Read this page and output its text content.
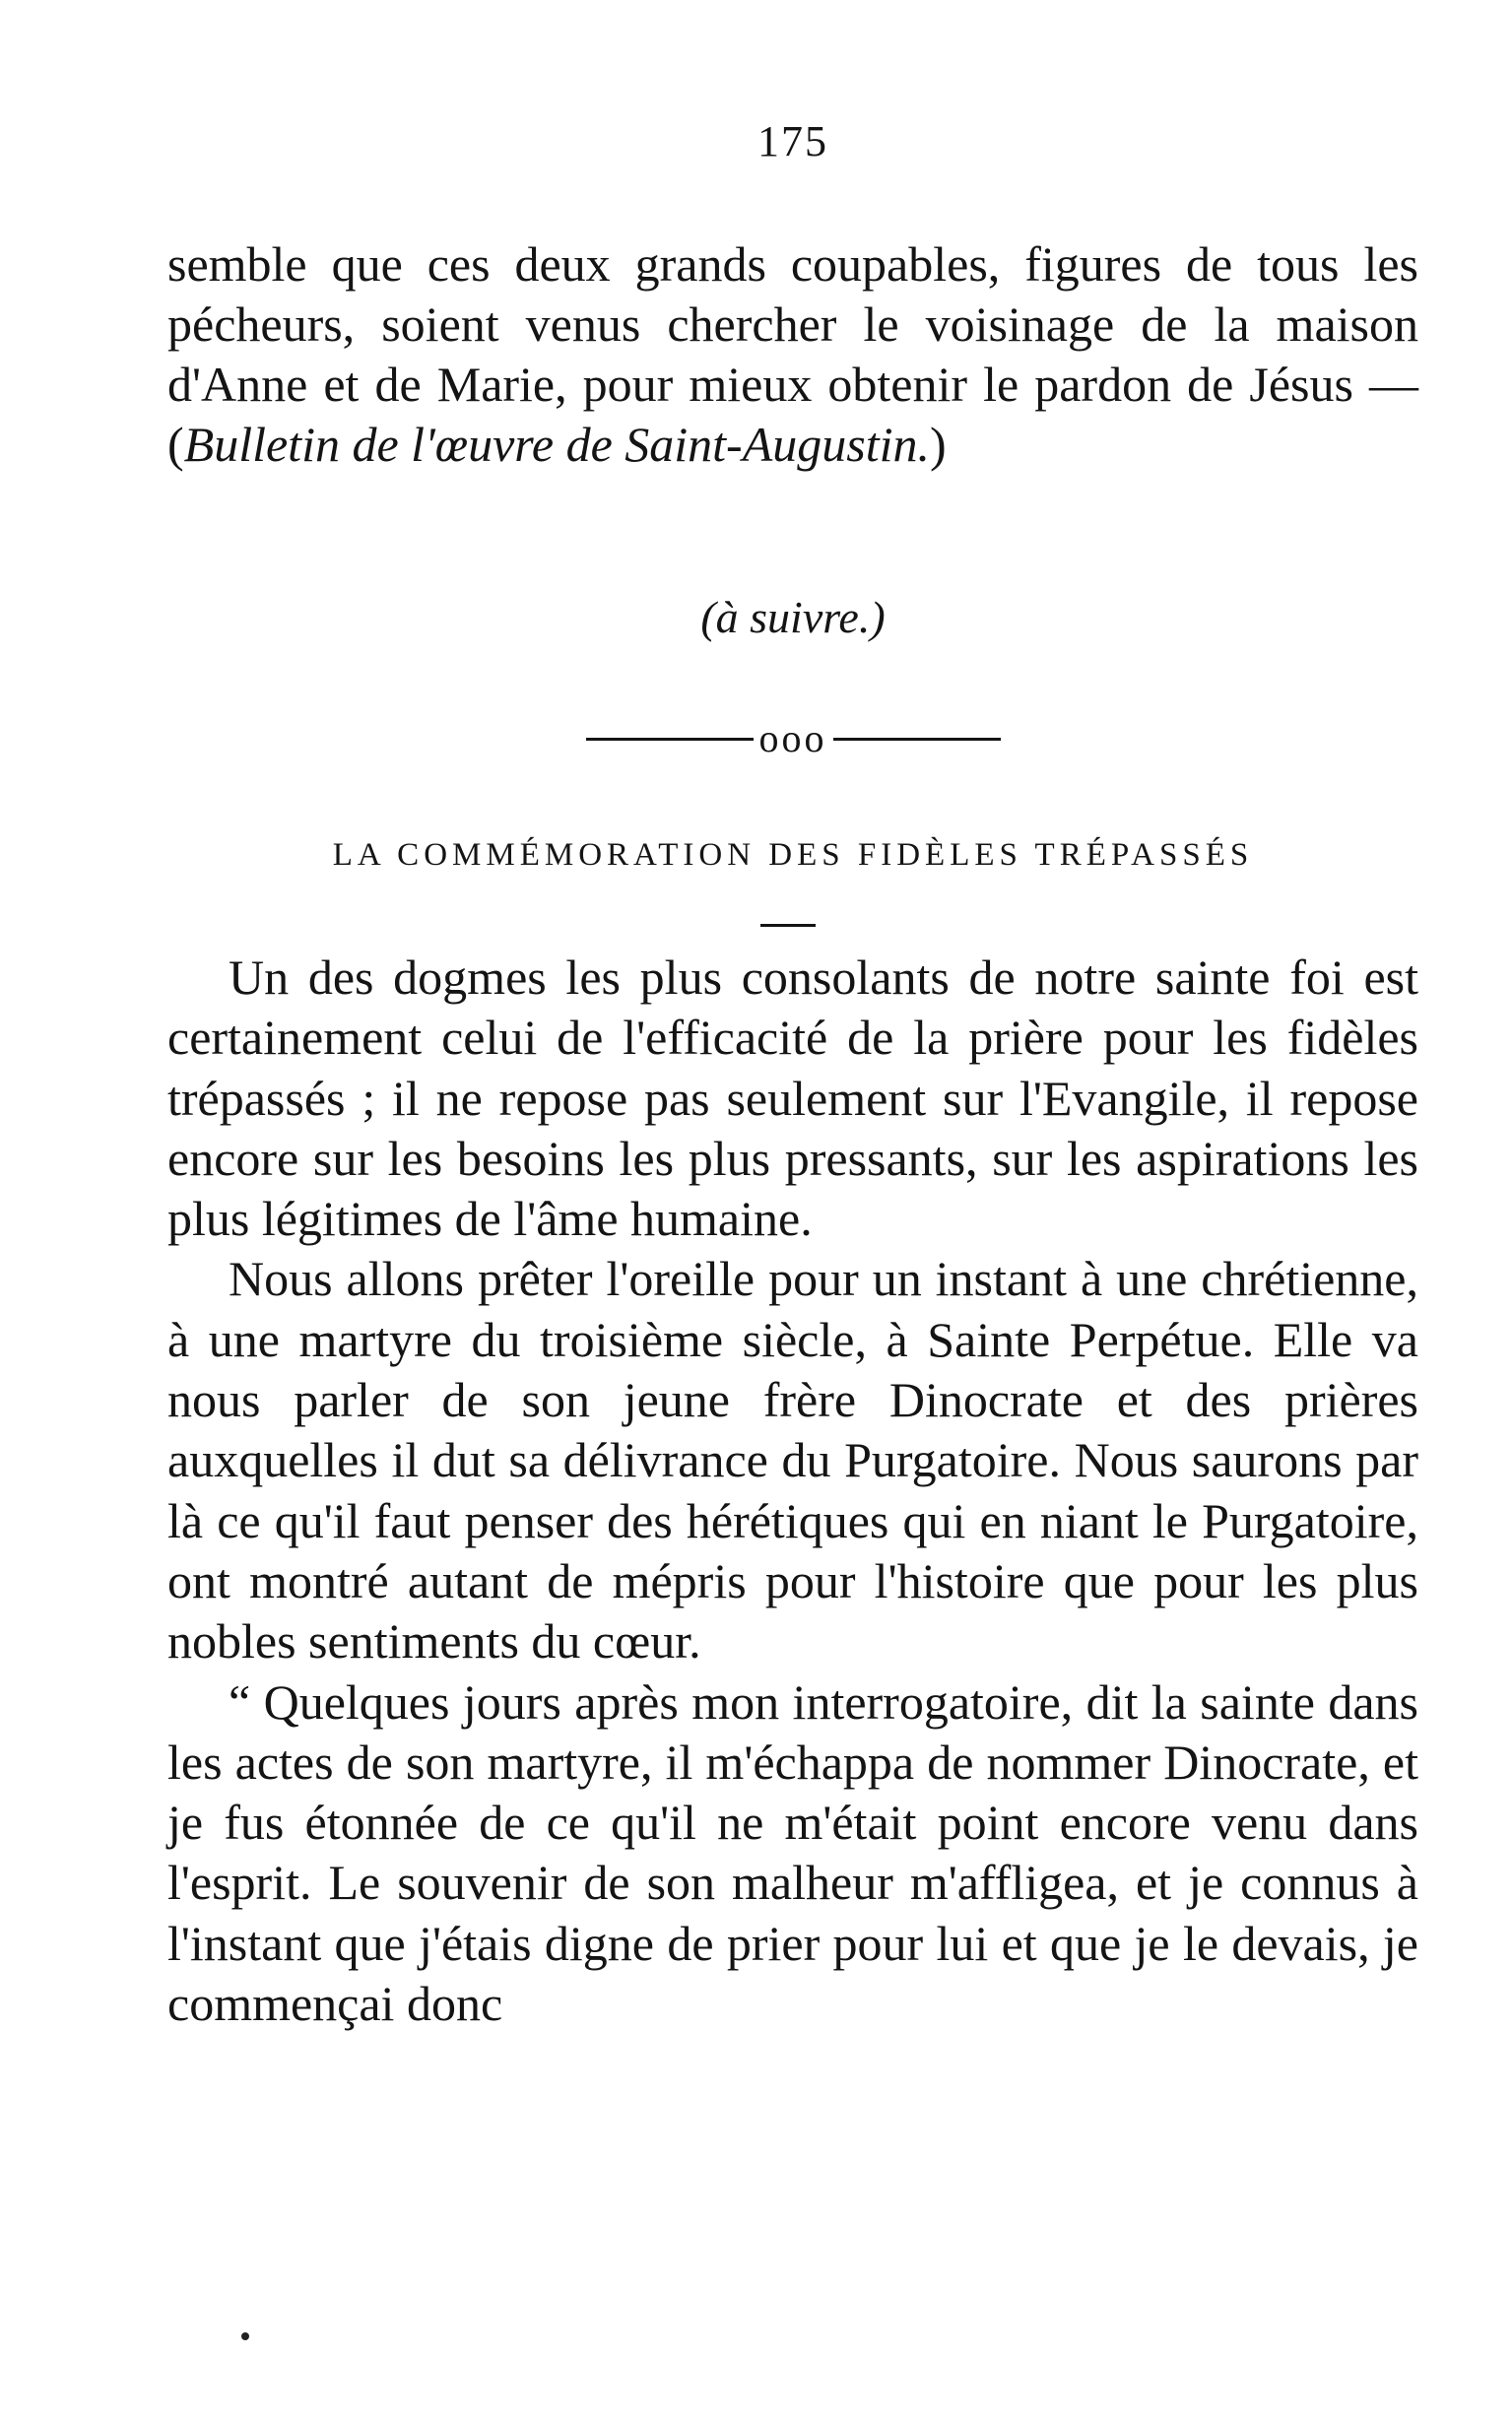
175

semble que ces deux grands coupables, figures de tous les pécheurs, soient venus chercher le voisinage de la maison d'Anne et de Marie, pour mieux obtenir le pardon de Jésus —(Bulletin de l'œuvre de Saint-Augustin.)

(à suivre.)
ooo
LA COMMÉMORATION DES FIDÈLES TRÉPASSÉS

Un des dogmes les plus consolants de notre sainte foi est certainement celui de l'efficacité de la prière pour les fidèles trépassés ; il ne repose pas seulement sur l'Evangile, il repose encore sur les besoins les plus pressants, sur les aspirations les plus légitimes de l'âme humaine.

Nous allons prêter l'oreille pour un instant à une chrétienne, à une martyre du troisième siècle, à Sainte Perpétue. Elle va nous parler de son jeune frère Dinocrate et des prières auxquelles il dut sa délivrance du Purgatoire. Nous saurons par là ce qu'il faut penser des hérétiques qui en niant le Purgatoire, ont montré autant de mépris pour l'histoire que pour les plus nobles sentiments du cœur.

“ Quelques jours après mon interrogatoire, dit la sainte dans les actes de son martyre, il m'échappa de nommer Dinocrate, et je fus étonnée de ce qu'il ne m'était point encore venu dans l'esprit. Le souvenir de son malheur m'affligea, et je connus à l'instant que j'étais digne de prier pour lui et que je le devais, je commençai donc
